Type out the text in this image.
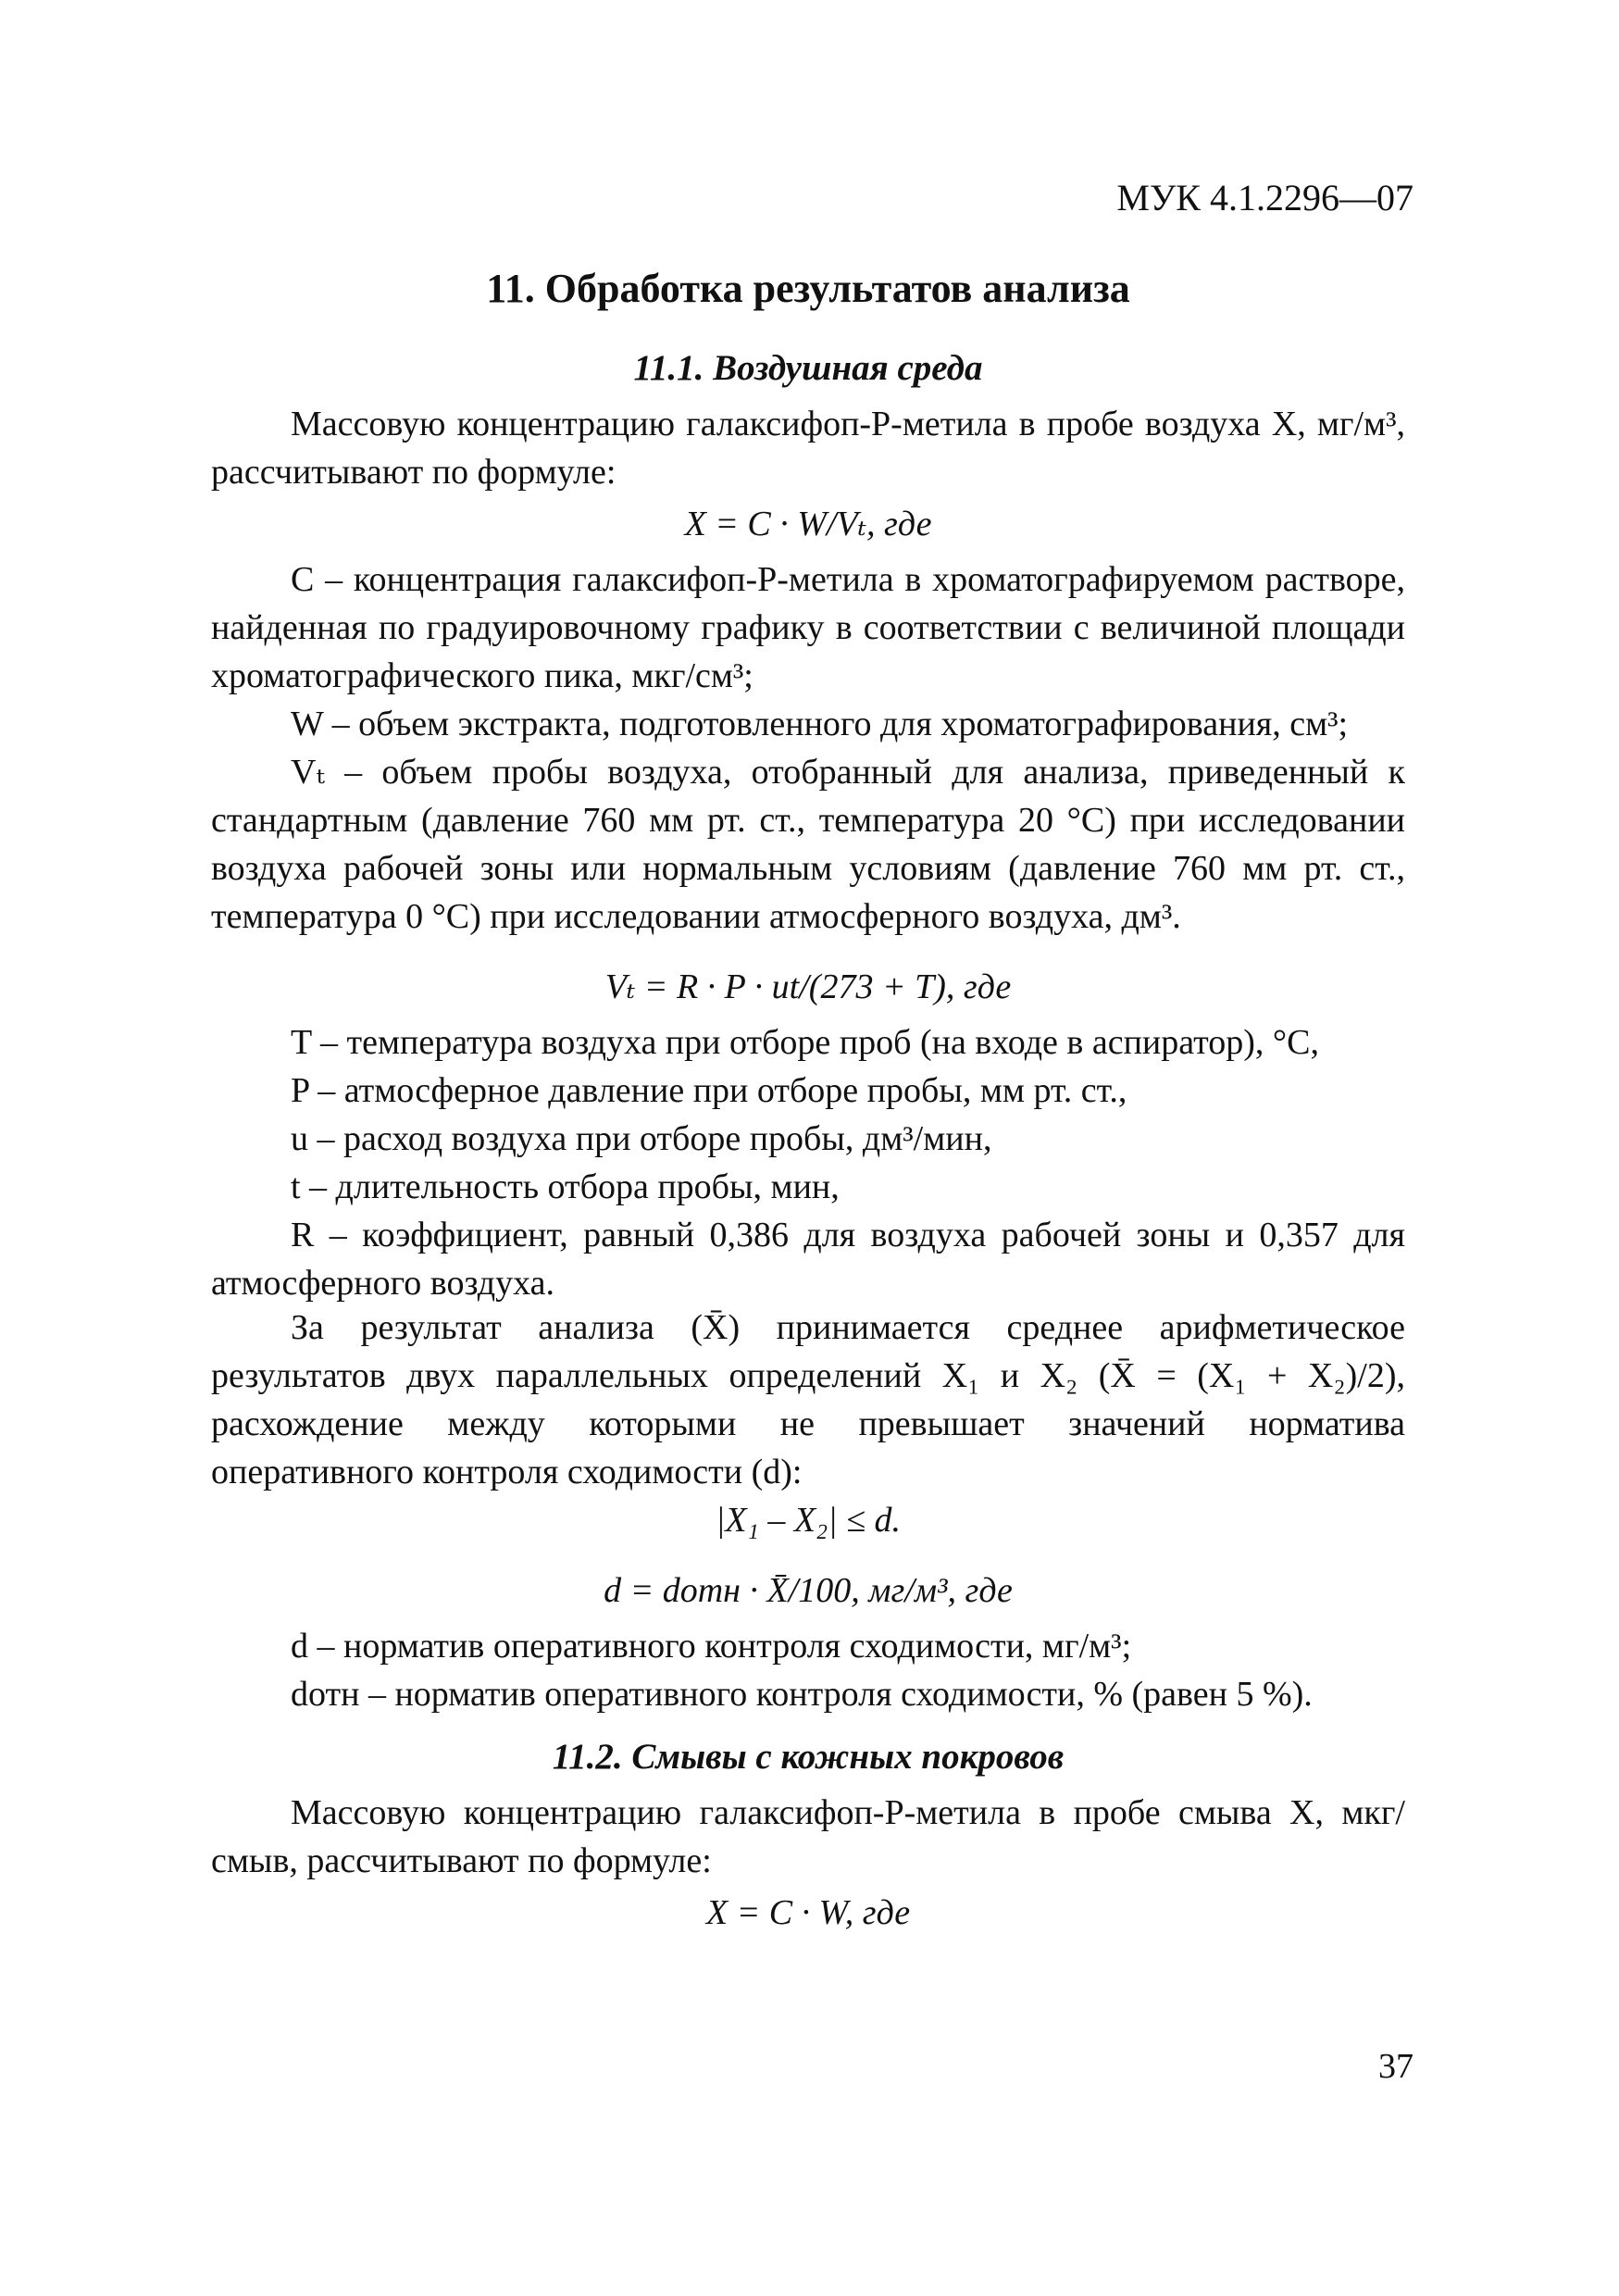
МУК 4.1.2296—07
11. Обработка результатов анализа
11.1. Воздушная среда
Массовую концентрацию галаксифоп-Р-метила в пробе воздуха X, мг/м³, рассчитывают по формуле:
X = C · W/Vₜ, где
C – концентрация галаксифоп-Р-метила в хроматографируемом растворе, найденная по градуировочному графику в соответствии с величиной площади хроматографического пика, мкг/см³;
W – объем экстракта, подготовленного для хроматографирования, см³;
Vₜ – объем пробы воздуха, отобранный для анализа, приведенный к стандартным (давление 760 мм рт. ст., температура 20 °С) при исследовании воздуха рабочей зоны или нормальным условиям (давление 760 мм рт. ст., температура 0 °С) при исследовании атмосферного воздуха, дм³.
Vₜ = R · P · ut/(273 + T), где
T – температура воздуха при отборе проб (на входе в аспиратор), °С,
P – атмосферное давление при отборе пробы, мм рт. ст.,
u – расход воздуха при отборе пробы, дм³/мин,
t – длительность отбора пробы, мин,
R – коэффициент, равный 0,386 для воздуха рабочей зоны и 0,357 для атмосферного воздуха.
За результат анализа (X̄) принимается среднее арифметическое результатов двух параллельных определений X₁ и X₂ (X̄ = (X₁ + X₂)/2), расхождение между которыми не превышает значений норматива оперативного контроля сходимости (d):
|X₁ – X₂| ≤ d.
d = dотн · X̄/100, мг/м³, где
d – норматив оперативного контроля сходимости, мг/м³;
dотн – норматив оперативного контроля сходимости, % (равен 5 %).
11.2. Смывы с кожных покровов
Массовую концентрацию галаксифоп-Р-метила в пробе смыва X, мкг/смыв, рассчитывают по формуле:
X = C · W, где
37
